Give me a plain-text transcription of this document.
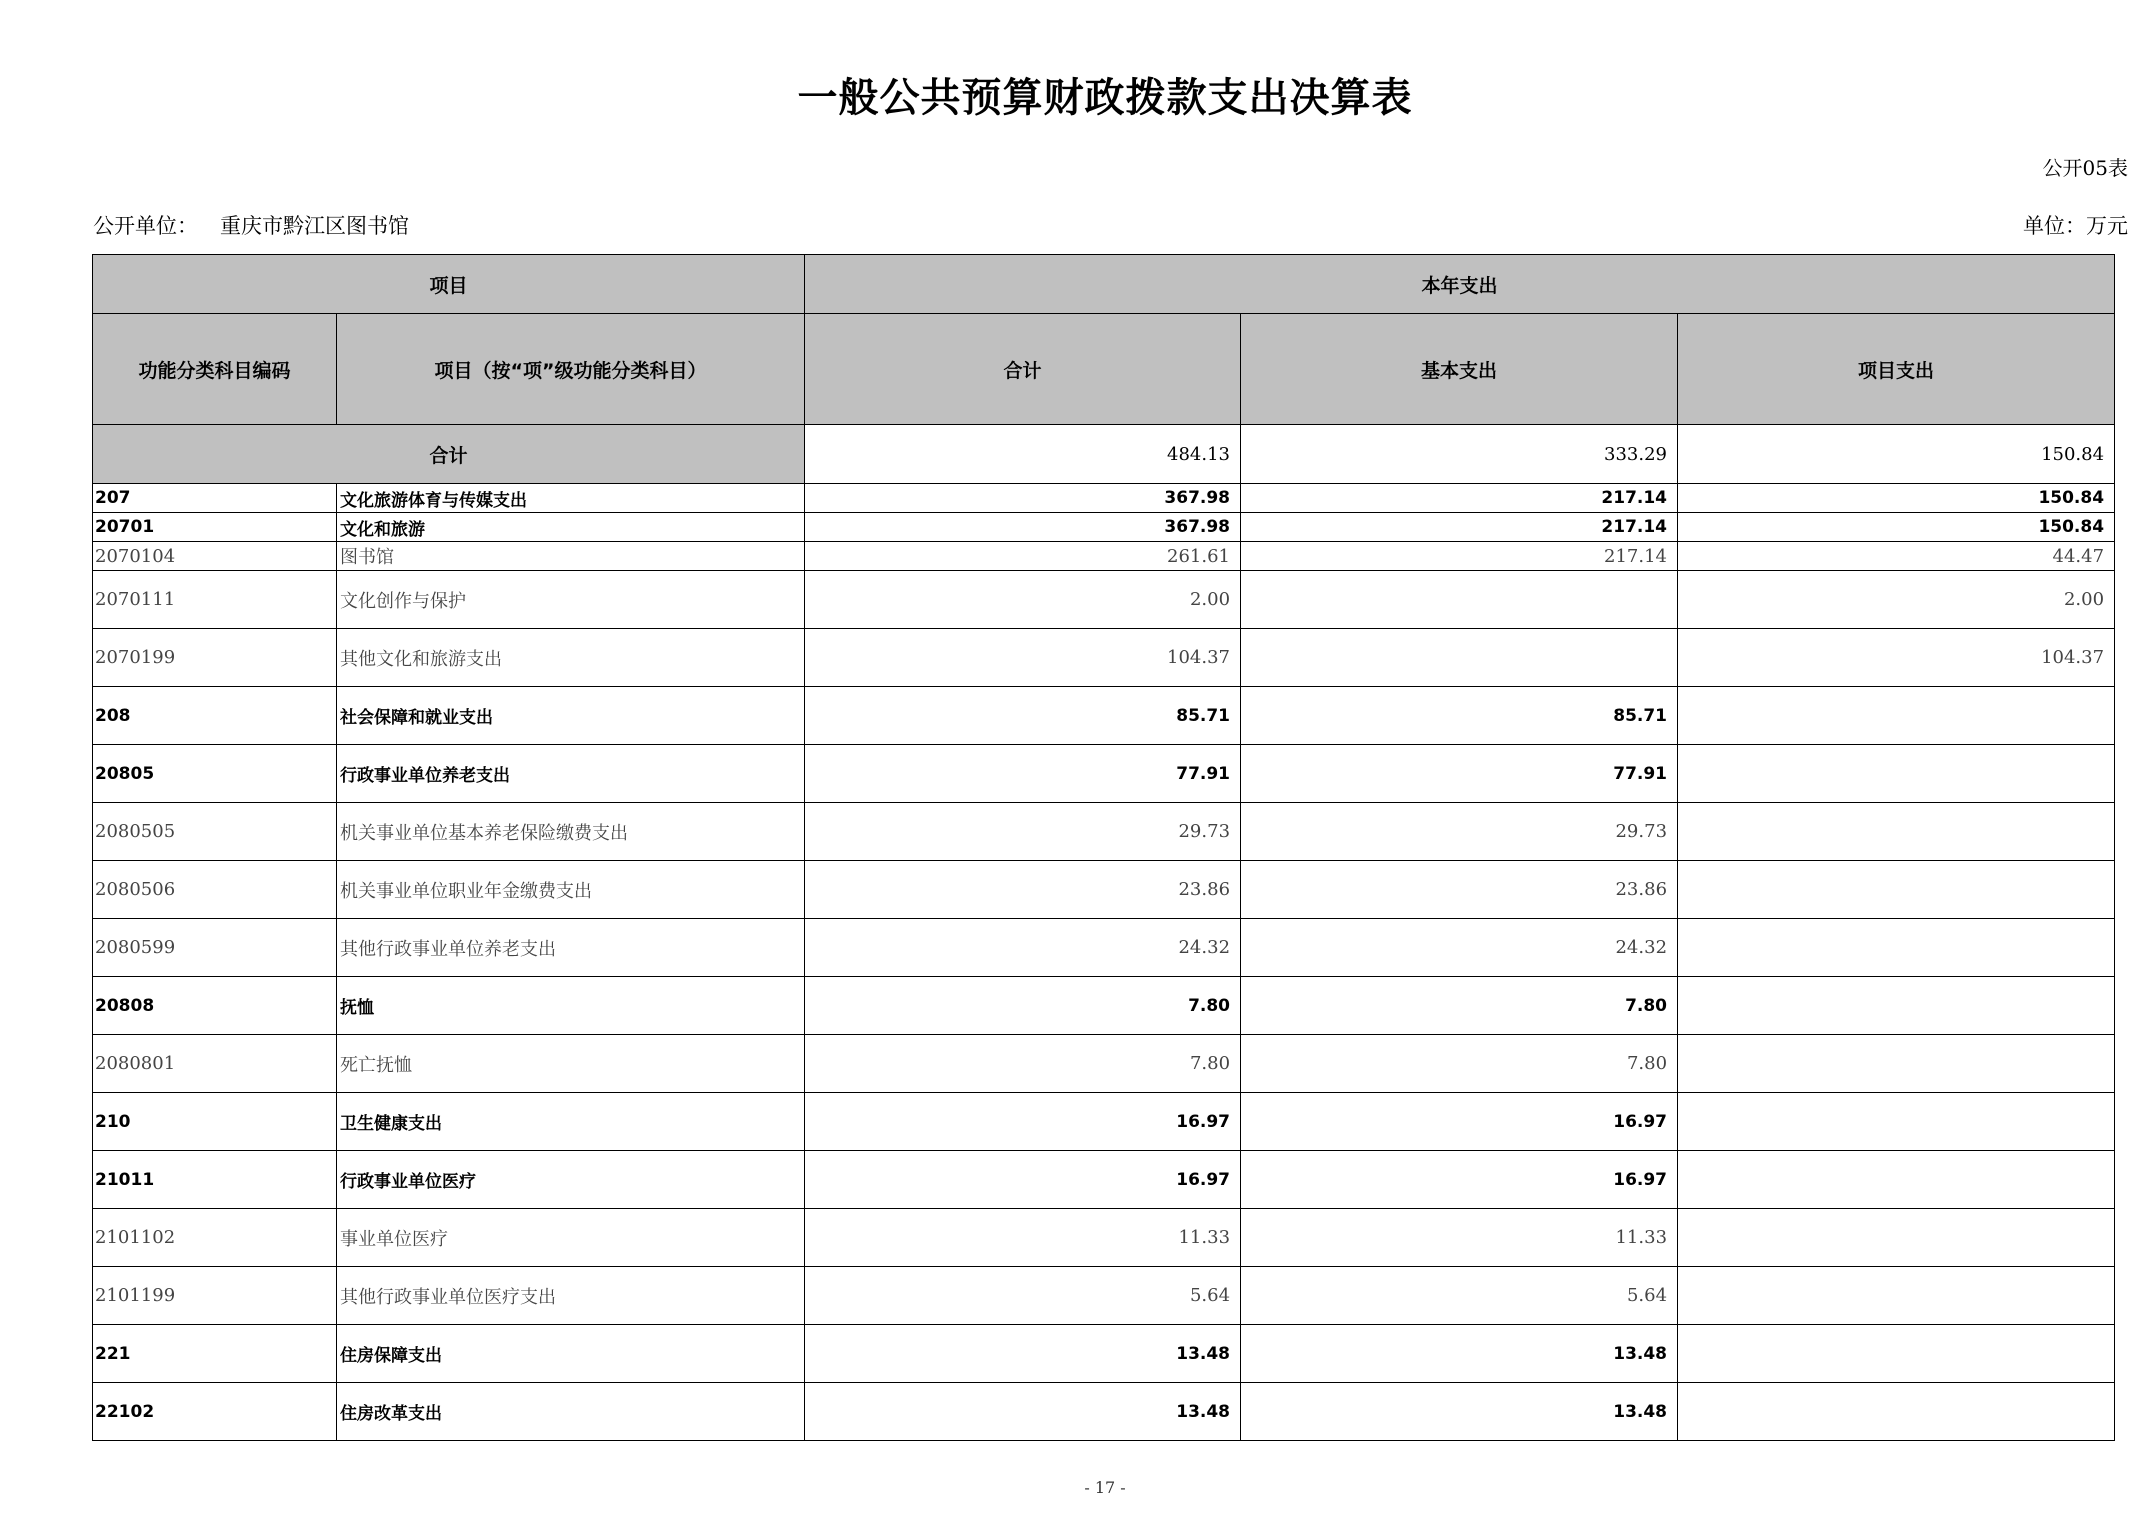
一般公共预算财政拨款支出决算表
公开05表
公开单位： 重庆市黔江区图书馆	单位：万元
项目		本年支出		
功能分类科目编码	项目（按“项”级功能分类科目）	合计	基本支出	项目支出
合计		484.13	333.29	150.84
207	文化旅游体育与传媒支出	367.98	217.14	150.84
20701	文化和旅游	367.98	217.14	150.84
2070104	图书馆	261.61	217.14	44.47
2070111	文化创作与保护	2.00		2.00
2070199	其他文化和旅游支出	104.37		104.37
208	社会保障和就业支出	85.71	85.71	
20805	行政事业单位养老支出	77.91	77.91	
2080505	机关事业单位基本养老保险缴费支出	29.73	29.73	
2080506	机关事业单位职业年金缴费支出	23.86	23.86	
2080599	其他行政事业单位养老支出	24.32	24.32	
20808	抚恤	7.80	7.80	
2080801	死亡抚恤	7.80	7.80	
210	卫生健康支出	16.97	16.97	
21011	行政事业单位医疗	16.97	16.97	
2101102	事业单位医疗	11.33	11.33	
2101199	其他行政事业单位医疗支出	5.64	5.64	
221	住房保障支出	13.48	13.48	
22102	住房改革支出	13.48	13.48	
- 17 -
